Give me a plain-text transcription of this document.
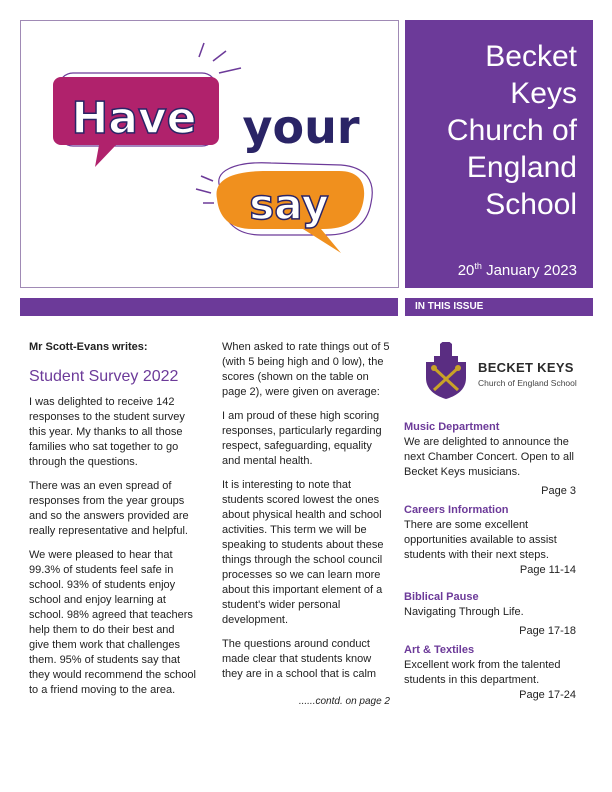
Have your
say
Becket
Keys
Church of
England
School
20th January 2023
IN THIS ISSUE

Mr Scott-Evans writes:

Student Survey 2022

I was delighted to receive 142 responses to the student survey this year. My thanks to all those families who sat together to go through the questions.

There was an even spread of responses from the year groups and so the answers provided are really representative and helpful.

We were pleased to hear that 99.3% of students feel safe in school. 93% of students enjoy school and enjoy learning at school. 98% agreed that teachers help them to do their best and give them work that challenges them. 95% of students say that they would recommend the school to a friend moving to the area.

When asked to rate things out of 5 (with 5 being high and 0 low), the scores (shown on the table on page 2), were given on average:

I am proud of these high scoring responses, particularly regarding respect, safeguarding, equality and mental health.

It is interesting to note that students scored lowest the ones about physical health and school activities. This term we will be speaking to students about these things through the school council processes so we can learn more about this important element of a student's wider personal development.

The questions around conduct made clear that students know they are in a school that is calm

......contd. on page 2

BECKET KEYS
Church of England School
Music Department
We are delighted to announce the next Chamber Concert. Open to all Becket Keys musicians.
Page 3
Careers Information
There are some excellent opportunities available to assist students with their next steps.
Page 11-14
Biblical Pause
Navigating Through Life.
Page 17-18
Art & Textiles
Excellent work from the talented students in this department.
Page 17-24
